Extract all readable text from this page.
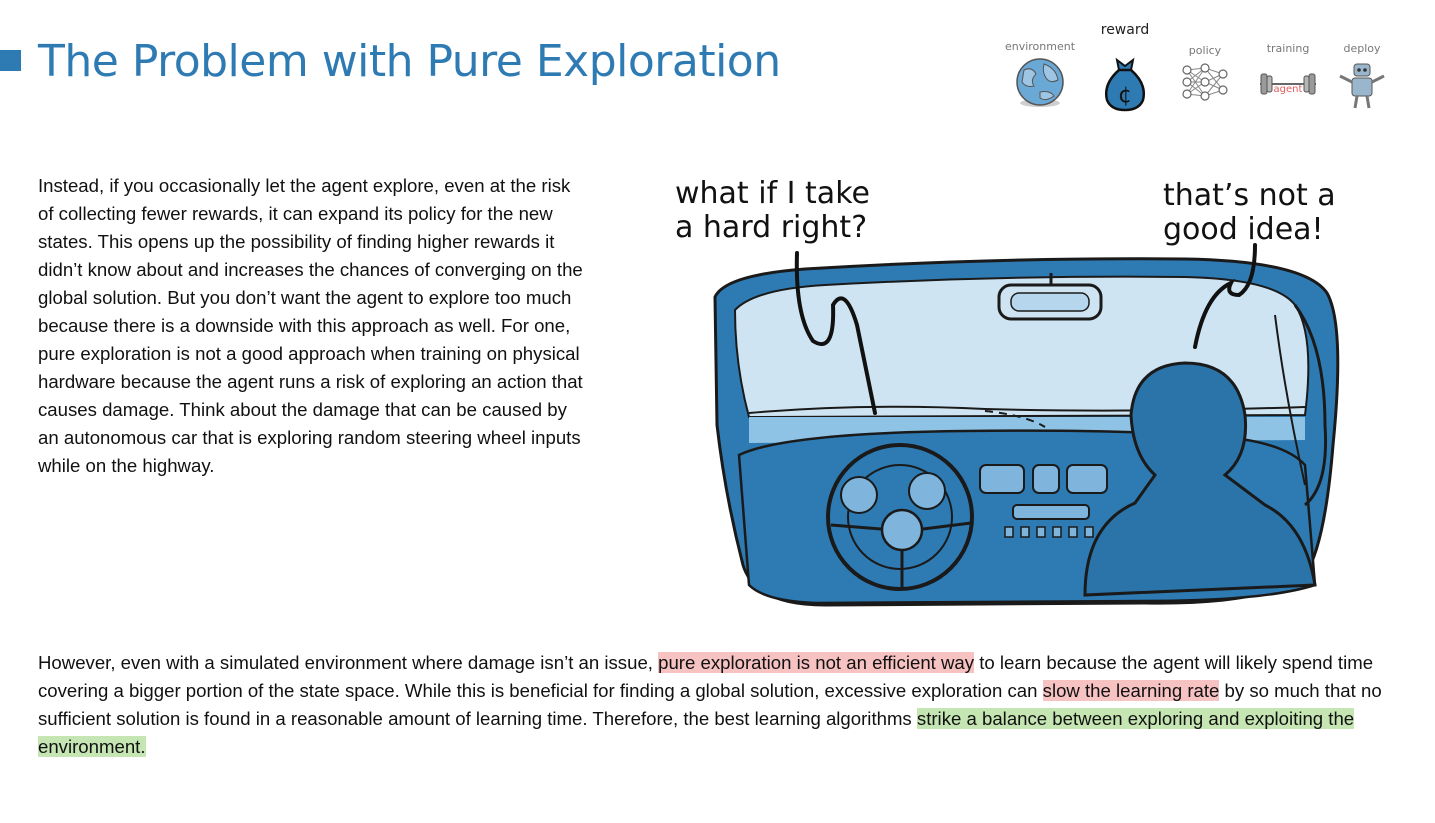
The Problem with Pure Exploration	environment
reward
¢
policy	training
agent
deploy

Instead, if you occasionally let the agent explore, even at the risk of collecting fewer rewards, it can expand its policy for the new states. This opens up the possibility of finding higher rewards it didn’t know about and increases the chances of converging on the global solution. But you don’t want the agent to explore too much because there is a downside with this approach as well. For one, pure exploration is not a good approach when training on physical hardware because the agent runs a risk of exploring an action that causes damage. Think about the damage that can be caused by an autonomous car that is exploring random steering wheel inputs while on the highway.

what if I take
a hard right?
that’s not a
good idea!

However, even with a simulated environment where damage isn’t an issue, pure exploration is not an efficient way to learn because the agent will likely spend time covering a bigger portion of the state space. While this is beneficial for finding a global solution, excessive exploration can slow the learning rate by so much that no sufficient solution is found in a reasonable amount of learning time. Therefore, the best learning algorithms strike a balance between exploring and exploiting the environment.
